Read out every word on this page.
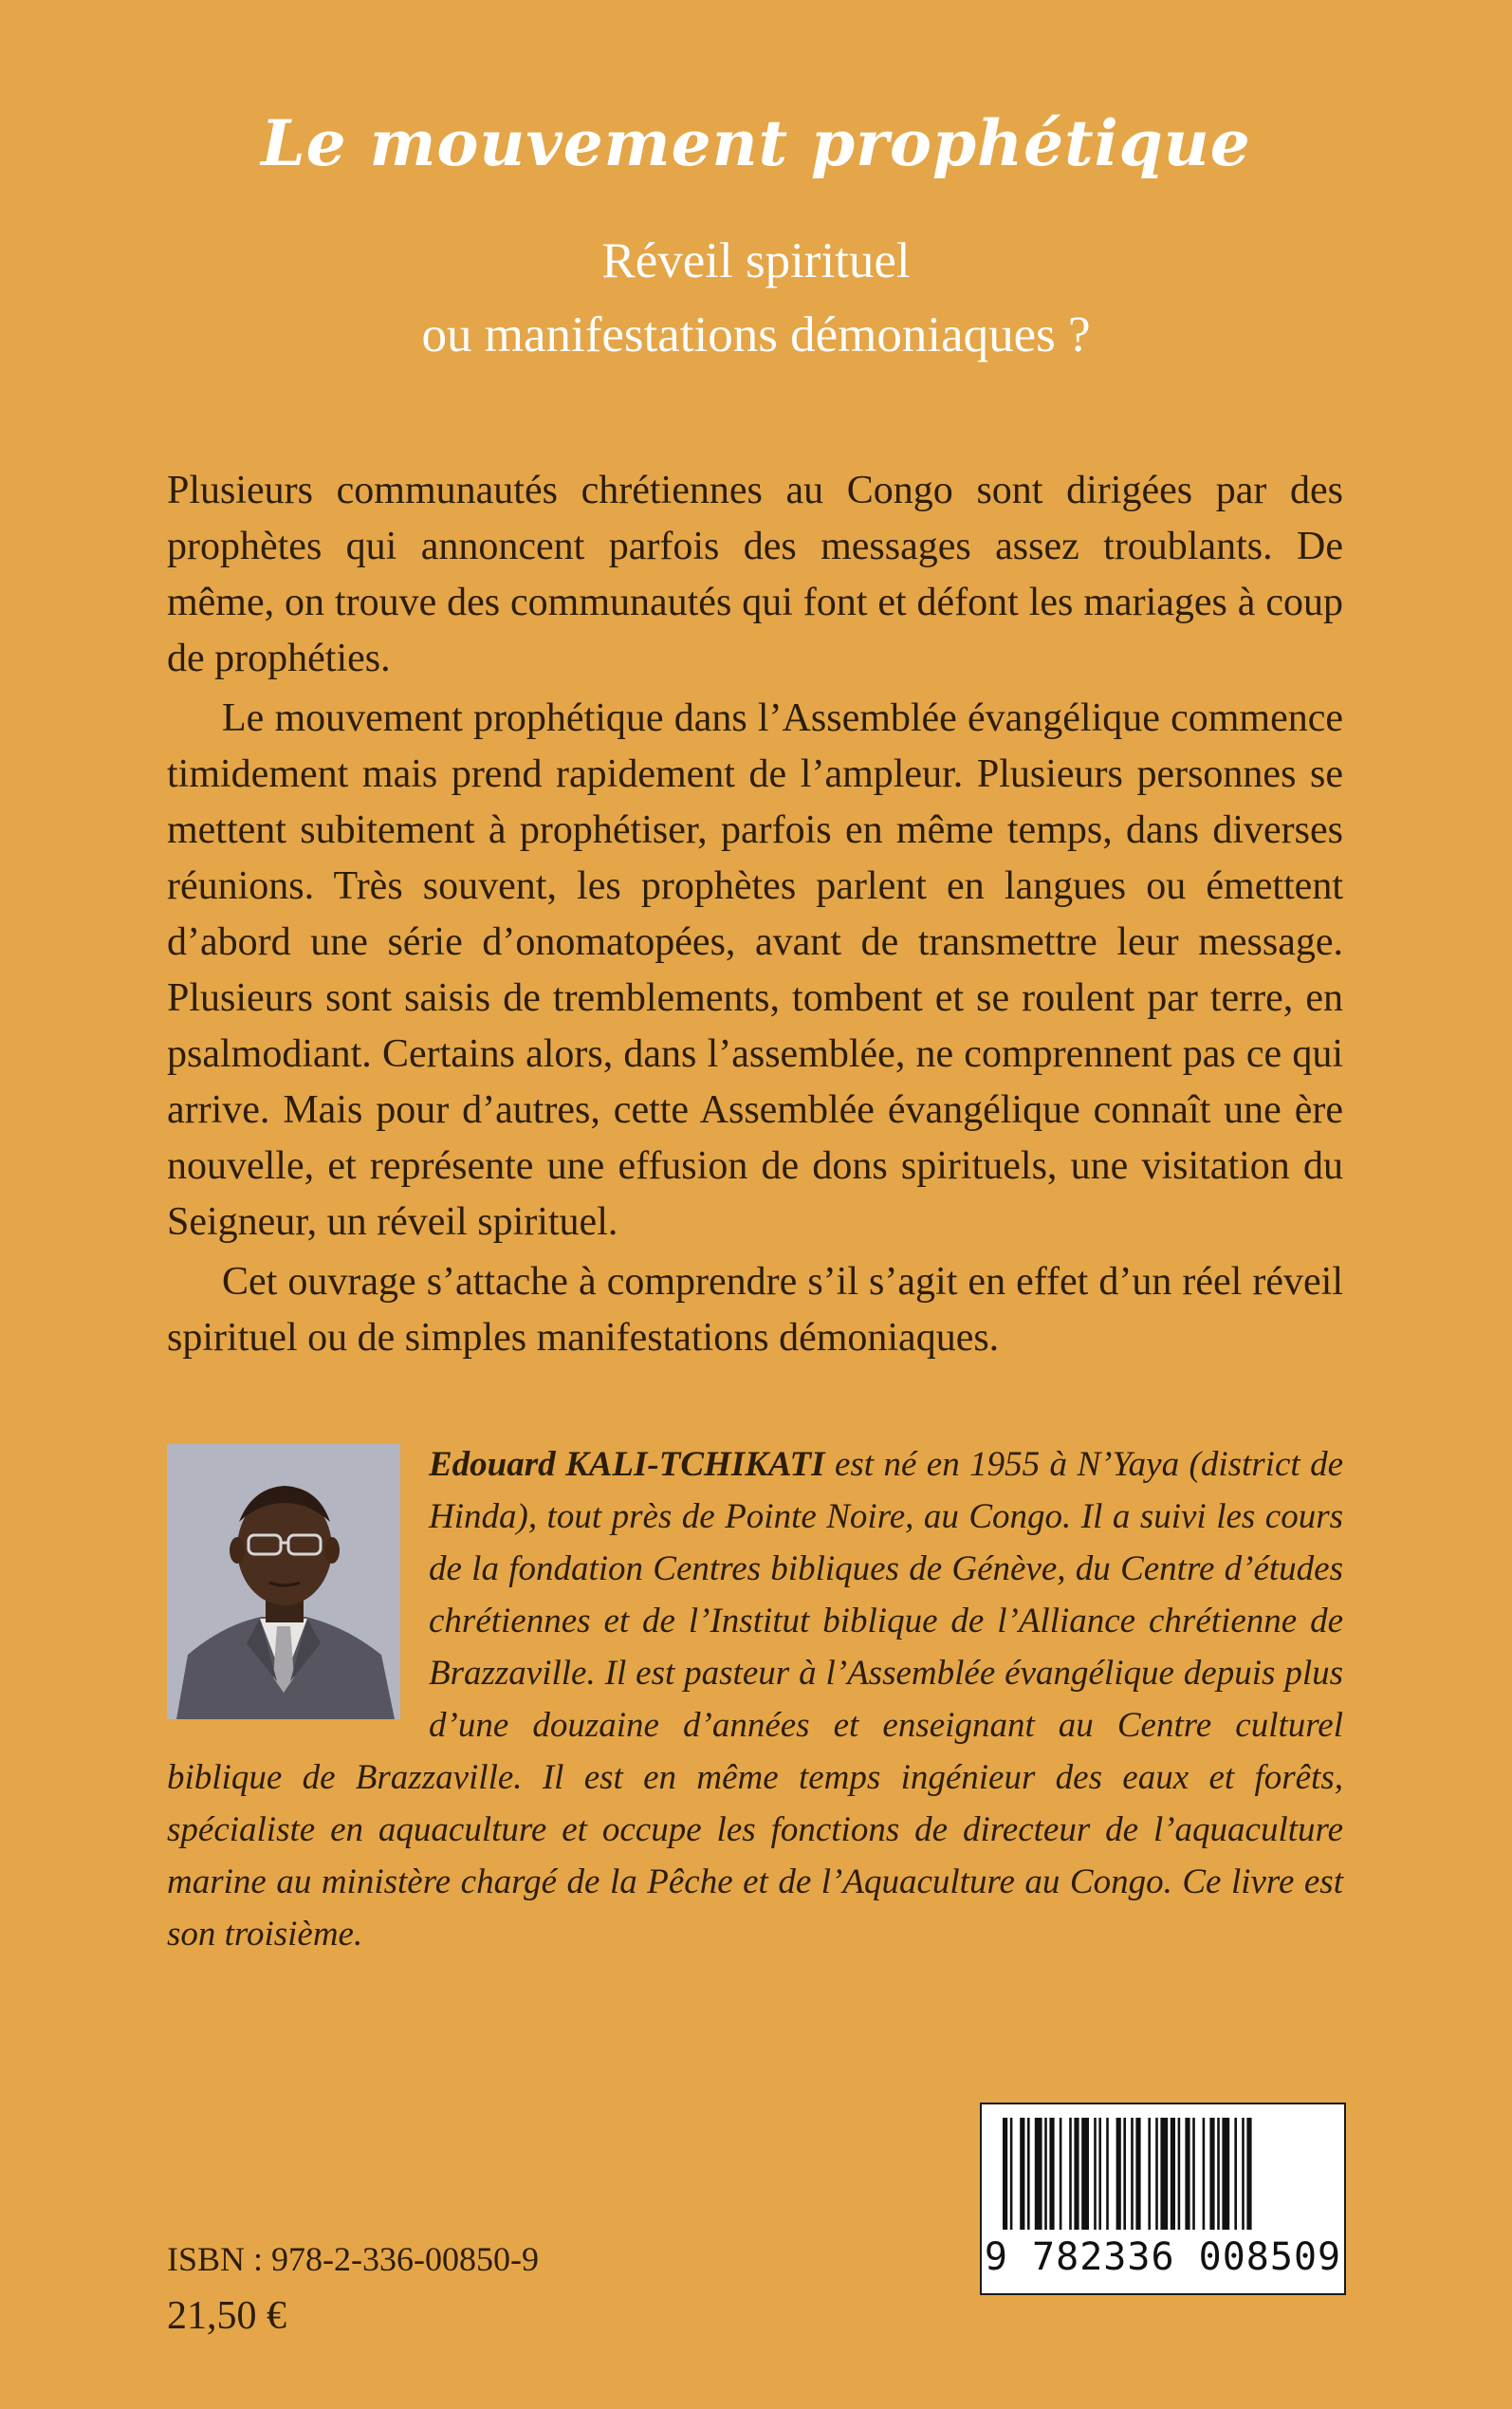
Le mouvement prophétique
Réveil spirituel
ou manifestations démoniaques ?

Plusieurs communautés chrétiennes au Congo sont dirigées par des prophètes qui annoncent parfois des messages assez troublants. De même, on trouve des communautés qui font et défont les mariages à coup de prophéties.

Le mouvement prophétique dans l’Assemblée évangélique commence timidement mais prend rapidement de l’ampleur. Plusieurs personnes se mettent subitement à prophétiser, parfois en même temps, dans diverses réunions. Très souvent, les prophètes parlent en langues ou émettent d’abord une série d’onomatopées, avant de transmettre leur message. Plusieurs sont saisis de tremblements, tombent et se roulent par terre, en psalmodiant. Certains alors, dans l’assemblée, ne comprennent pas ce qui arrive. Mais pour d’autres, cette Assemblée évangélique connaît une ère nouvelle, et représente une effusion de dons spirituels, une visitation du Seigneur, un réveil spirituel.

Cet ouvrage s’attache à comprendre s’il s’agit en effet d’un réel réveil spirituel ou de simples manifestations démoniaques.

Edouard KALI-TCHIKATI est né en 1955 à N’Yaya (district de Hinda), tout près de Pointe Noire, au Congo. Il a suivi les cours de la fondation Centres bibliques de Génève, du Centre d’études chrétiennes et de l’Institut biblique de l’Alliance chrétienne de Brazzaville. Il est pasteur à l’Assemblée évangélique depuis plus d’une douzaine d’années et enseignant au Centre culturel biblique de Brazzaville. Il est en même temps ingénieur des eaux et forêts, spécialiste en aquaculture et occupe les fonctions de directeur de l’aquaculture marine au ministère chargé de la Pêche et de l’Aquaculture au Congo. Ce livre est son troisième.
ISBN : 978-2-336-00850-9
21,50 €
9 782336 008509
